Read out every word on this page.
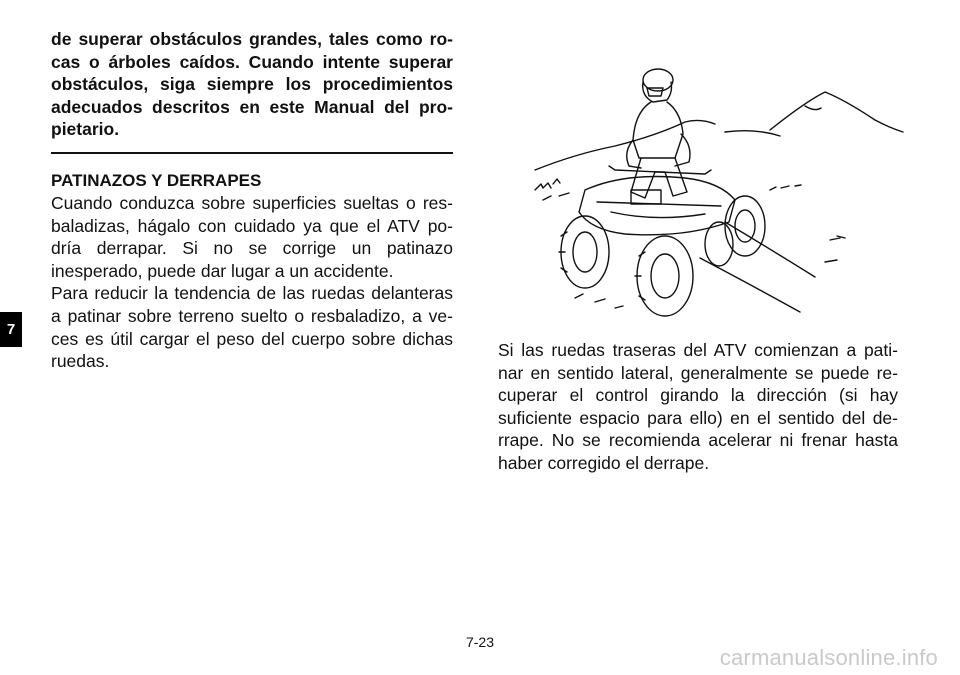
7

de superar obstáculos grandes, tales como ro-cas o árboles caídos. Cuando intente superar obstáculos, siga siempre los procedimientos adecuados descritos en este Manual del pro-pietario.

PATINAZOS Y DERRAPES

Cuando conduzca sobre superficies sueltas o res-baladizas, hágalo con cuidado ya que el ATV po-dría derrapar. Si no se corrige un patinazo inesperado, puede dar lugar a un accidente.

Para reducir la tendencia de las ruedas delanteras a patinar sobre terreno suelto o resbaladizo, a ve-ces es útil cargar el peso del cuerpo sobre dichas ruedas.

Si las ruedas traseras del ATV comienzan a pati-nar en sentido lateral, generalmente se puede re-cuperar el control girando la dirección (si hay suficiente espacio para ello) en el sentido del de-rrape. No se recomienda acelerar ni frenar hasta haber corregido el derrape.

7-23
carmanualsonline.info
